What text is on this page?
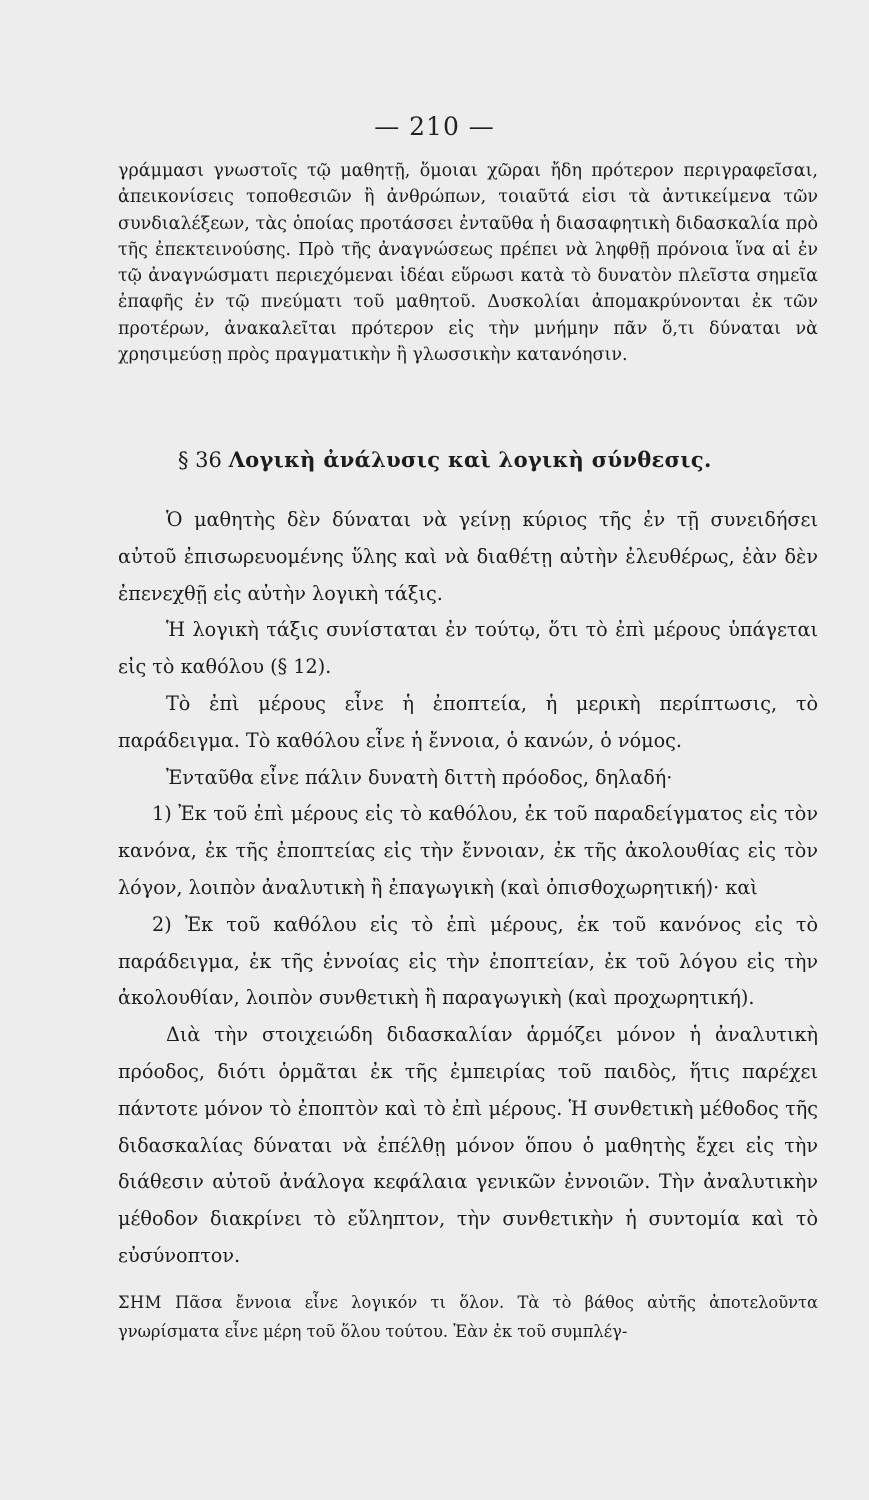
— 210 —
γράμμασι γνωστοῖς τῷ μαθητῇ, ὅμοιαι χῶραι ἤδη πρότερον περιγραφεῖσαι, ἀπεικονίσεις τοποθεσιῶν ἢ ἀνθρώπων, τοιαῦτά εἰσι τὰ ἀντικείμενα τῶν συνδιαλέξεων, τὰς ὁποίας προτάσσει ἐνταῦθα ἡ διασαφητικὴ διδασκαλία πρὸ τῆς ἐπεκτεινούσης. Πρὸ τῆς ἀναγνώσεως πρέπει νὰ ληφθῇ πρόνοια ἵνα αἱ ἐν τῷ ἀναγνώσματι περιεχόμεναι ἰδέαι εὕρωσι κατὰ τὸ δυνατὸν πλεῖστα σημεῖα ἐπαφῆς ἐν τῷ πνεύματι τοῦ μαθητοῦ. Δυσκολίαι ἀπομακρύνονται ἐκ τῶν προτέρων, ἀνακαλεῖται πρότερον εἰς τὴν μνήμην πᾶν ὅ,τι δύναται νὰ χρησιμεύσῃ πρὸς πραγματικὴν ἢ γλωσσικὴν κατανόησιν.
§ 36 Λογικὴ ἀνάλυσις καὶ λογικὴ σύνθεσις.

Ὁ μαθητὴς δὲν δύναται νὰ γείνῃ κύριος τῆς ἐν τῇ συνειδήσει αὐτοῦ ἐπισωρευομένης ὕλης καὶ νὰ διαθέτῃ αὐτὴν ἐλευθέρως, ἐὰν δὲν ἐπενεχθῇ εἰς αὐτὴν λογικὴ τάξις.

Ἡ λογικὴ τάξις συνίσταται ἐν τούτῳ, ὅτι τὸ ἐπὶ μέρους ὑπάγεται εἰς τὸ καθόλου (§ 12).

Τὸ ἐπὶ μέρους εἶνε ἡ ἐποπτεία, ἡ μερικὴ περίπτωσις, τὸ παράδειγμα. Τὸ καθόλου εἶνε ἡ ἔννοια, ὁ κανών, ὁ νόμος.

Ἐνταῦθα εἶνε πάλιν δυνατὴ διττὴ πρόοδος, δηλαδή·

1) Ἐκ τοῦ ἐπὶ μέρους εἰς τὸ καθόλου, ἐκ τοῦ παραδείγματος εἰς τὸν κανόνα, ἐκ τῆς ἐποπτείας εἰς τὴν ἔννοιαν, ἐκ τῆς ἀκολουθίας εἰς τὸν λόγον, λοιπὸν ἀναλυτικὴ ἢ ἐπαγωγικὴ (καὶ ὀπισθοχωρητική)· καὶ

2) Ἐκ τοῦ καθόλου εἰς τὸ ἐπὶ μέρους, ἐκ τοῦ κανόνος εἰς τὸ παράδειγμα, ἐκ τῆς ἐννοίας εἰς τὴν ἐποπτείαν, ἐκ τοῦ λόγου εἰς τὴν ἀκολουθίαν, λοιπὸν συνθετικὴ ἢ παραγωγικὴ (καὶ προχωρητική).

Διὰ τὴν στοιχειώδη διδασκαλίαν ἁρμόζει μόνον ἡ ἀναλυτικὴ πρόοδος, διότι ὁρμᾶται ἐκ τῆς ἐμπειρίας τοῦ παιδὸς, ἥτις παρέχει πάντοτε μόνον τὸ ἐποπτὸν καὶ τὸ ἐπὶ μέρους. Ἡ συνθετικὴ μέθοδος τῆς διδασκαλίας δύναται νὰ ἐπέλθῃ μόνον ὅπου ὁ μαθητὴς ἔχει εἰς τὴν διάθεσιν αὐτοῦ ἀνάλογα κεφάλαια γενικῶν ἐννοιῶν. Τὴν ἀναλυτικὴν μέθοδον διακρίνει τὸ εὔληπτον, τὴν συνθετικὴν ἡ συντομία καὶ τὸ εὐσύνοπτον.

ΣΗΜ Πᾶσα ἔννοια εἶνε λογικόν τι ὅλον. Τὰ τὸ βάθος αὐτῆς ἀποτελοῦντα γνωρίσματα εἶνε μέρη τοῦ ὅλου τούτου. Ἐὰν ἐκ τοῦ συμπλέγ-
